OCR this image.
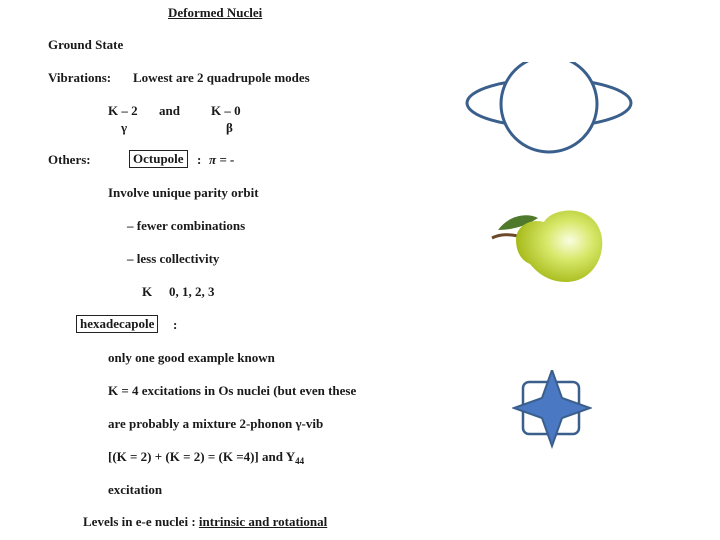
Deformed Nuclei
Ground State
Vibrations: Lowest are 2 quadrupole modes
K – 2 and K – 0
γ	β
Others:	Octupole	: π = -
Involve unique parity orbit
– fewer combinations
– less collectivity
K 0, 1, 2, 3
hexadecapole	:
only one good example known
K = 4 excitations in Os nuclei (but even these
are probably a mixture 2-phonon γ-vib
[(K = 2) + (K = 2) = (K =4)] and $Y_{44}$
excitation
Levels in e-e nuclei : intrinsic and rotational
